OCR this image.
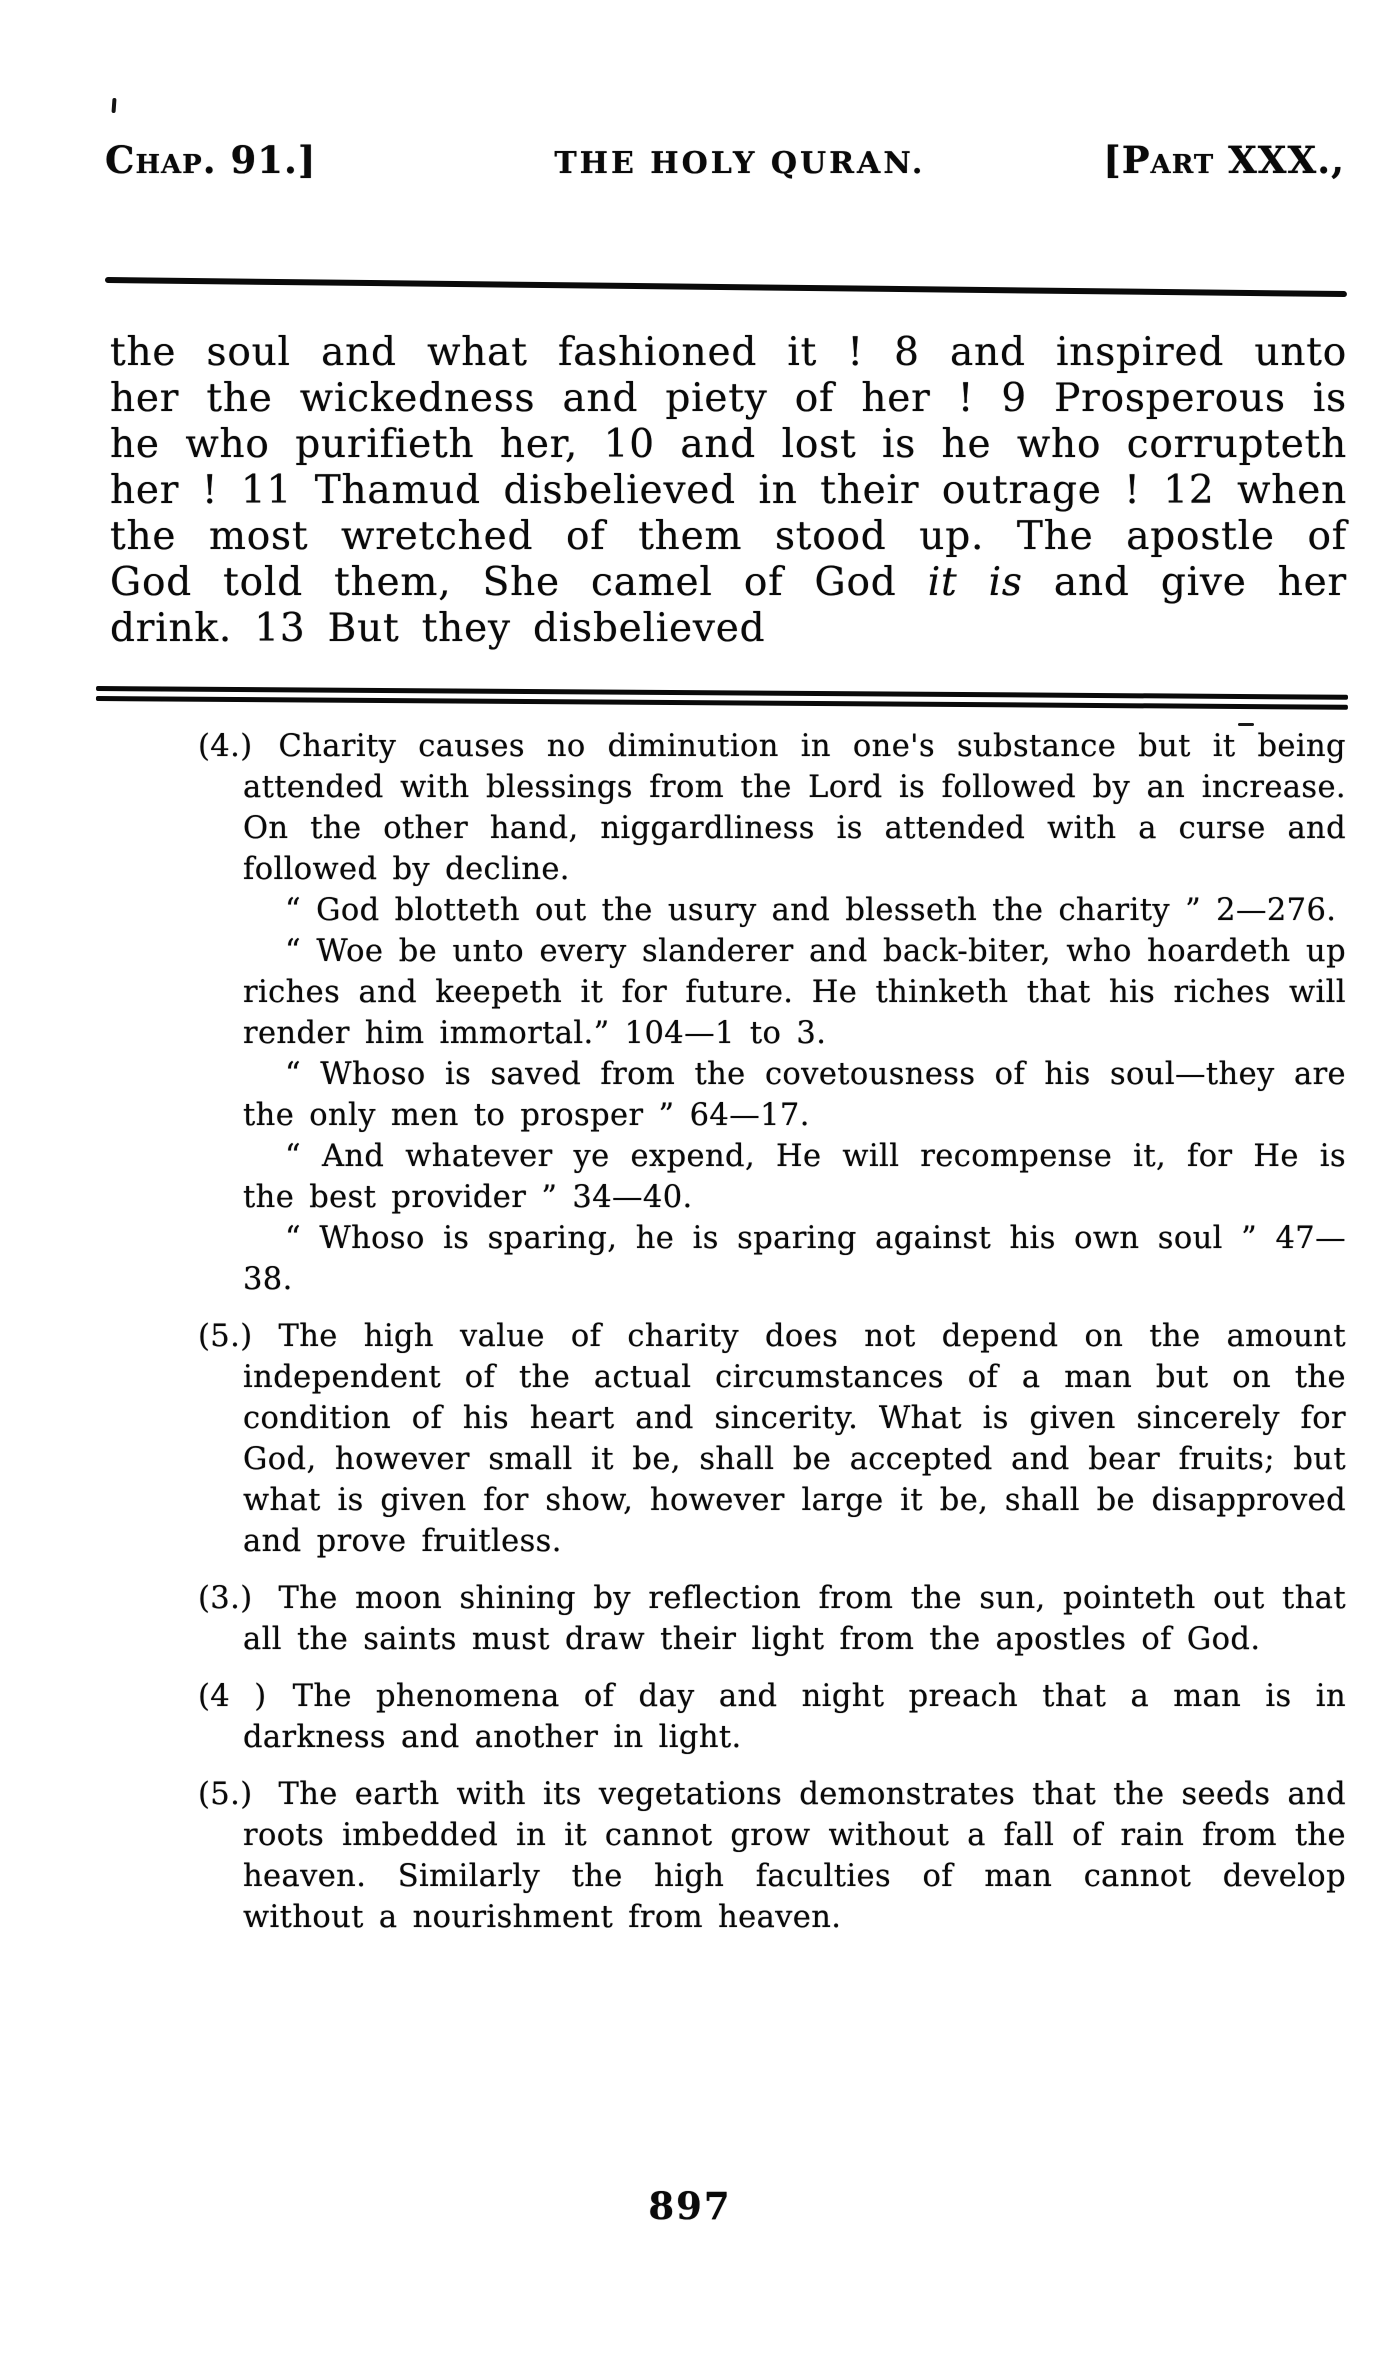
Chap. 91.]	THE HOLY QURAN.	[Part XXX.,

the soul and what fashioned it ! 8 and inspired unto her the wickedness and piety of her ! 9 Prosperous is he who purifieth her, 10 and lost is he who corrupteth her ! 11 Thamud disbelieved in their outrage ! 12 when the most wretched of them stood up. The apostle of God told them, She camel of God it is and give her drink. 13 But they disbelieved

(4.) Charity causes no diminution in one's substance but it being attended with blessings from the Lord is followed by an increase. On the other hand, niggardliness is attended with a curse and followed by decline.

“ God blotteth out the usury and blesseth the charity ” 2—276.

“ Woe be unto every slanderer and back-biter, who hoardeth up riches and keepeth it for future. He thinketh that his riches will render him immortal.” 104—1 to 3.

“ Whoso is saved from the covetousness of his soul—they are the only men to prosper ” 64—17.

“ And whatever ye expend, He will recompense it, for He is the best provider ” 34—40.

“ Whoso is sparing, he is sparing against his own soul ” 47—38.

(5.) The high value of charity does not depend on the amount independent of the actual circumstances of a man but on the condition of his heart and sincerity. What is given sincerely for God, however small it be, shall be accepted and bear fruits; but what is given for show, however large it be, shall be disapproved and prove fruitless.

(3.) The moon shining by reflection from the sun, pointeth out that all the saints must draw their light from the apostles of God.

(4 ) The phenomena of day and night preach that a man is in darkness and another in light.

(5.) The earth with its vegetations demonstrates that the seeds and roots imbedded in it cannot grow without a fall of rain from the heaven. Similarly the high faculties of man cannot develop without a nourishment from heaven.

897
